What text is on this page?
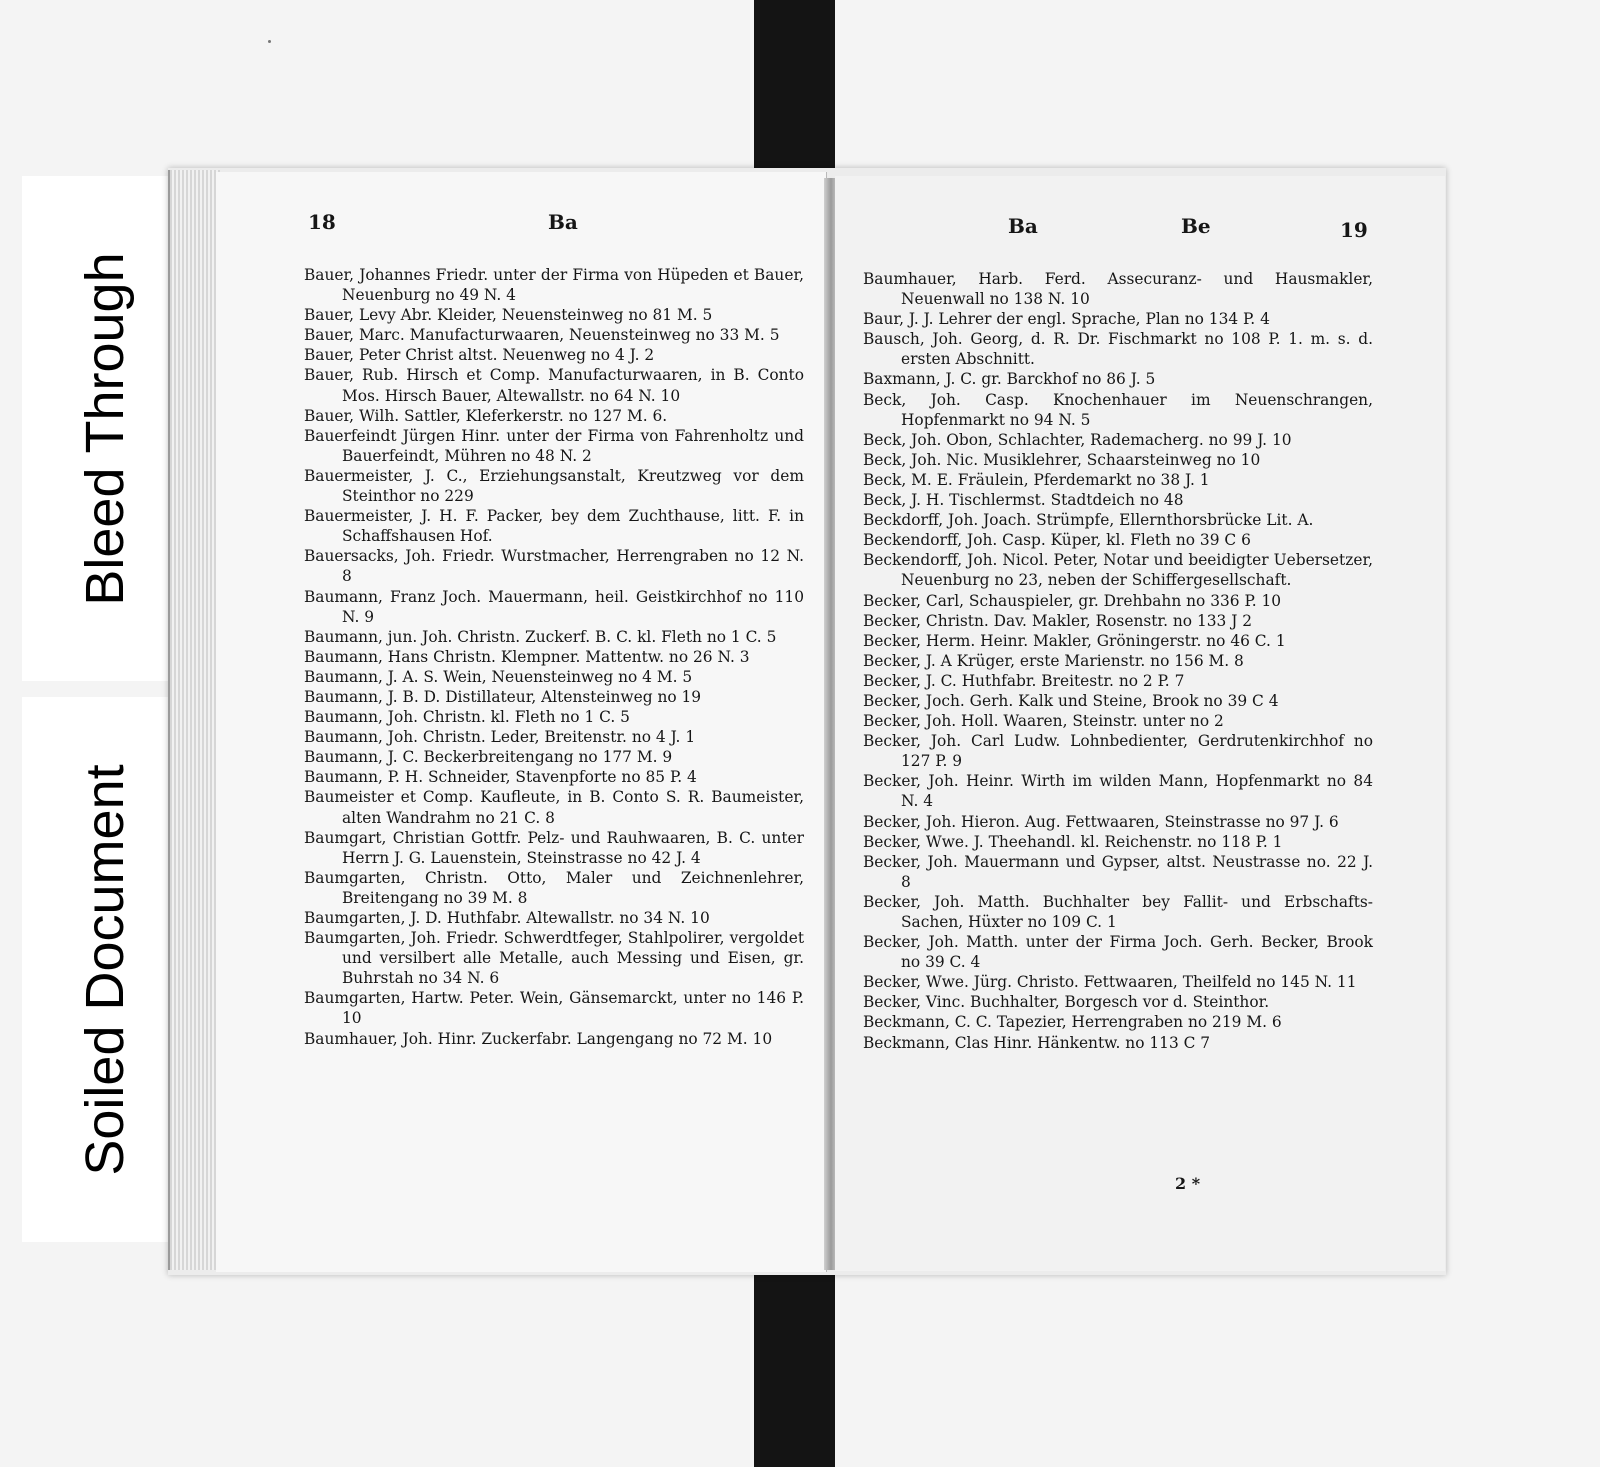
Bleed Through
Soiled Document
18	Ba

Bauer, Johannes Friedr. unter der Firma von Hüpeden et Bauer, Neuenburg no 49 N. 4

Bauer, Levy Abr. Kleider, Neuensteinweg no 81 M. 5

Bauer, Marc. Manufacturwaaren, Neuensteinweg no 33 M. 5

Bauer, Peter Christ altst. Neuenweg no 4 J. 2

Bauer, Rub. Hirsch et Comp. Manufacturwaaren, in B. Conto Mos. Hirsch Bauer, Altewallstr. no 64 N. 10

Bauer, Wilh. Sattler, Kleferkerstr. no 127 M. 6.

Bauerfeindt Jürgen Hinr. unter der Firma von Fahrenholtz und Bauerfeindt, Mühren no 48 N. 2

Bauermeister, J. C., Erziehungsanstalt, Kreutzweg vor dem Steinthor no 229

Bauermeister, J. H. F. Packer, bey dem Zuchthause, litt. F. in Schaffshausen Hof.

Bauersacks, Joh. Friedr. Wurstmacher, Herrengraben no 12 N. 8

Baumann, Franz Joch. Mauermann, heil. Geistkirchhof no 110 N. 9

Baumann, jun. Joh. Christn. Zuckerf. B. C. kl. Fleth no 1 C. 5

Baumann, Hans Christn. Klempner. Mattentw. no 26 N. 3

Baumann, J. A. S. Wein, Neuensteinweg no 4 M. 5

Baumann, J. B. D. Distillateur, Altensteinweg no 19

Baumann, Joh. Christn. kl. Fleth no 1 C. 5

Baumann, Joh. Christn. Leder, Breitenstr. no 4 J. 1

Baumann, J. C. Beckerbreitengang no 177 M. 9

Baumann, P. H. Schneider, Stavenpforte no 85 P. 4

Baumeister et Comp. Kaufleute, in B. Conto S. R. Baumeister, alten Wandrahm no 21 C. 8

Baumgart, Christian Gottfr. Pelz- und Rauhwaaren, B. C. unter Herrn J. G. Lauenstein, Steinstrasse no 42 J. 4

Baumgarten, Christn. Otto, Maler und Zeichnenlehrer, Breitengang no 39 M. 8

Baumgarten, J. D. Huthfabr. Altewallstr. no 34 N. 10

Baumgarten, Joh. Friedr. Schwerdtfeger, Stahlpolirer, vergoldet und versilbert alle Metalle, auch Messing und Eisen, gr. Buhrstah no 34 N. 6

Baumgarten, Hartw. Peter. Wein, Gänsemarckt, unter no 146 P. 10

Baumhauer, Joh. Hinr. Zuckerfabr. Langengang no 72 M. 10

Ba	Be	19

Baumhauer, Harb. Ferd. Assecuranz- und Hausmakler, Neuenwall no 138 N. 10

Baur, J. J. Lehrer der engl. Sprache, Plan no 134 P. 4

Bausch, Joh. Georg, d. R. Dr. Fischmarkt no 108 P. 1. m. s. d. ersten Abschnitt.

Baxmann, J. C. gr. Barckhof no 86 J. 5

Beck, Joh. Casp. Knochenhauer im Neuenschrangen, Hopfenmarkt no 94 N. 5

Beck, Joh. Obon, Schlachter, Rademacherg. no 99 J. 10

Beck, Joh. Nic. Musiklehrer, Schaarsteinweg no 10

Beck, M. E. Fräulein, Pferdemarkt no 38 J. 1

Beck, J. H. Tischlermst. Stadtdeich no 48

Beckdorff, Joh. Joach. Strümpfe, Ellernthorsbrücke Lit. A.

Beckendorff, Joh. Casp. Küper, kl. Fleth no 39 C 6

Beckendorff, Joh. Nicol. Peter, Notar und beeidigter Uebersetzer, Neuenburg no 23, neben der Schiffergesellschaft.

Becker, Carl, Schauspieler, gr. Drehbahn no 336 P. 10

Becker, Christn. Dav. Makler, Rosenstr. no 133 J 2

Becker, Herm. Heinr. Makler, Gröningerstr. no 46 C. 1

Becker, J. A Krüger, erste Marienstr. no 156 M. 8

Becker, J. C. Huthfabr. Breitestr. no 2 P. 7

Becker, Joch. Gerh. Kalk und Steine, Brook no 39 C 4

Becker, Joh. Holl. Waaren, Steinstr. unter no 2

Becker, Joh. Carl Ludw. Lohnbedienter, Gerdrutenkirchhof no 127 P. 9

Becker, Joh. Heinr. Wirth im wilden Mann, Hopfenmarkt no 84 N. 4

Becker, Joh. Hieron. Aug. Fettwaaren, Steinstrasse no 97 J. 6

Becker, Wwe. J. Theehandl. kl. Reichenstr. no 118 P. 1

Becker, Joh. Mauermann und Gypser, altst. Neustrasse no. 22 J. 8

Becker, Joh. Matth. Buchhalter bey Fallit- und Erbschafts-Sachen, Hüxter no 109 C. 1

Becker, Joh. Matth. unter der Firma Joch. Gerh. Becker, Brook no 39 C. 4

Becker, Wwe. Jürg. Christo. Fettwaaren, Theilfeld no 145 N. 11

Becker, Vinc. Buchhalter, Borgesch vor d. Steinthor.

Beckmann, C. C. Tapezier, Herrengraben no 219 M. 6

Beckmann, Clas Hinr. Hänkentw. no 113 C 7

2 *
